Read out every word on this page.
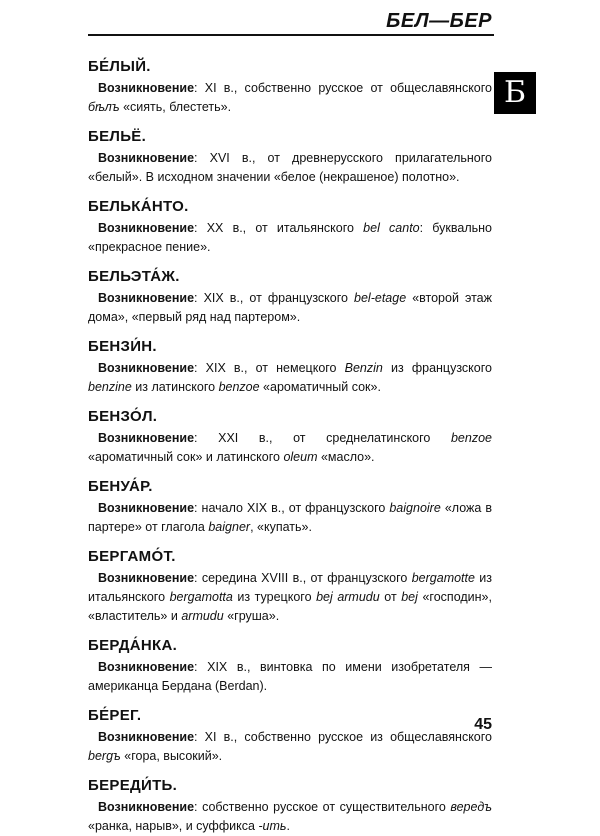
БЕЛ—БЕР
Б
БЕ́ЛЫЙ.

Возникновение: XI в., собственно русское от общеславянского бѣлъ «сиять, блестеть».

БЕЛЬЁ.

Возникновение: XVI в., от древнерусского прилагательного «белый». В исходном значении «белое (некрашеное) полотно».

БЕЛЬКА́НТО.

Возникновение: XX в., от итальянского bel canto: буквально «прекрасное пение».

БЕЛЬЭТА́Ж.

Возникновение: XIX в., от французского bel-etage «второй этаж дома», «первый ряд над партером».

БЕНЗИ́Н.

Возникновение: XIX в., от немецкого Benzin из французского benzine из латинского benzoe «ароматичный сок».

БЕНЗО́Л.

Возникновение: XXI в., от среднелатинского benzoe «ароматичный сок» и латинского oleum «масло».

БЕНУА́Р.

Возникновение: начало XIX в., от французского baignoire «ложа в партере» от глагола baigner, «купать».

БЕРГАМО́Т.

Возникновение: середина XVIII в., от французского bergamotte из итальянского bergamotta из турецкого bej armudu от bej «господин», «властитель» и armudu «груша».

БЕРДА́НКА.

Возникновение: XIX в., винтовка по имени изобретателя — американца Бердана (Berdan).

БЕ́РЕГ.

Возникновение: XI в., собственно русское из общеславянского bergъ «гора, высокий».

БЕРЕДИ́ТЬ.

Возникновение: собственно русское от существительного вередъ «ранка, нарыв», и суффикса -ить.

45
